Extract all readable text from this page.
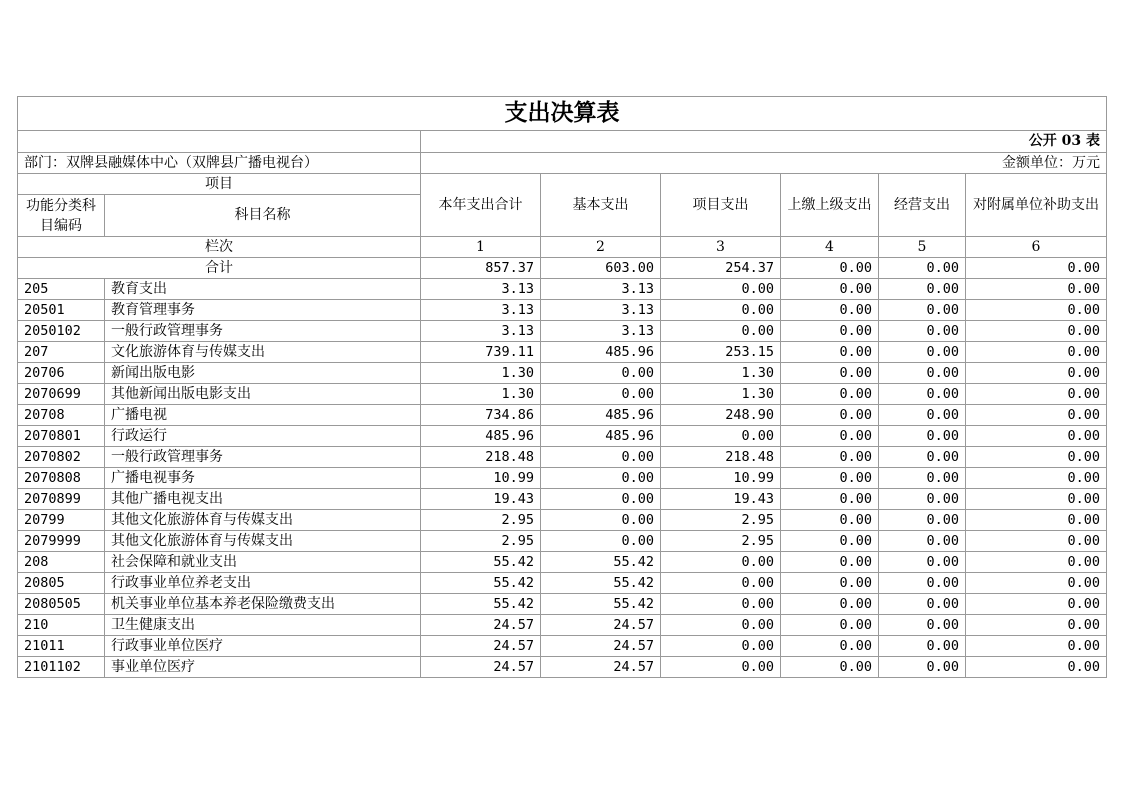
支出决算表							
		公开 03 表					
部门：双牌县融媒体中心（双牌县广播电视台）		金额单位：万元					
项目		本年支出合计	基本支出	项目支出	上缴上级支出	经营支出	对附属单位补助支出
功能分类科目编码	科目名称						
栏次		1	2	3	4	5	6
合计		857.37	603.00	254.37	0.00	0.00	0.00
205	教育支出	3.13	3.13	0.00	0.00	0.00	0.00
20501	教育管理事务	3.13	3.13	0.00	0.00	0.00	0.00
2050102	一般行政管理事务	3.13	3.13	0.00	0.00	0.00	0.00
207	文化旅游体育与传媒支出	739.11	485.96	253.15	0.00	0.00	0.00
20706	新闻出版电影	1.30	0.00	1.30	0.00	0.00	0.00
2070699	其他新闻出版电影支出	1.30	0.00	1.30	0.00	0.00	0.00
20708	广播电视	734.86	485.96	248.90	0.00	0.00	0.00
2070801	行政运行	485.96	485.96	0.00	0.00	0.00	0.00
2070802	一般行政管理事务	218.48	0.00	218.48	0.00	0.00	0.00
2070808	广播电视事务	10.99	0.00	10.99	0.00	0.00	0.00
2070899	其他广播电视支出	19.43	0.00	19.43	0.00	0.00	0.00
20799	其他文化旅游体育与传媒支出	2.95	0.00	2.95	0.00	0.00	0.00
2079999	其他文化旅游体育与传媒支出	2.95	0.00	2.95	0.00	0.00	0.00
208	社会保障和就业支出	55.42	55.42	0.00	0.00	0.00	0.00
20805	行政事业单位养老支出	55.42	55.42	0.00	0.00	0.00	0.00
2080505	机关事业单位基本养老保险缴费支出	55.42	55.42	0.00	0.00	0.00	0.00
210	卫生健康支出	24.57	24.57	0.00	0.00	0.00	0.00
21011	行政事业单位医疗	24.57	24.57	0.00	0.00	0.00	0.00
2101102	事业单位医疗	24.57	24.57	0.00	0.00	0.00	0.00
